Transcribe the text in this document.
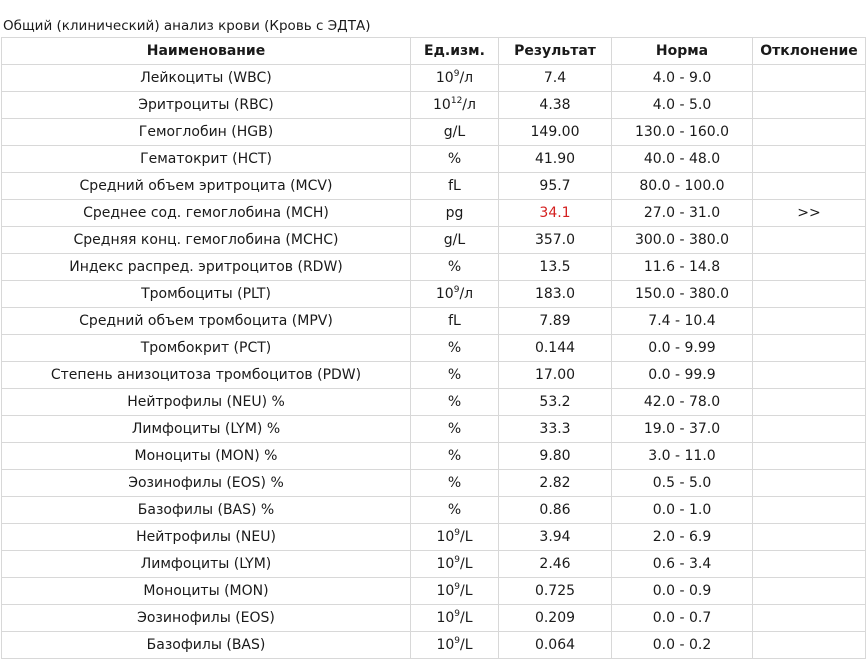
Общий (клинический) анализ крови (Кровь с ЭДТА)
Наименование	Ед.изм.	Результат	Норма	Отклонение
Лейкоциты (WBC)	$10^9/л$	7.4	4.0 - 9.0	
Эритроциты (RBC)	$10^{12}/л$	4.38	4.0 - 5.0	
Гемоглобин (HGB)	g/L	149.00	130.0 - 160.0	
Гематокрит (HCT)	%	41.90	40.0 - 48.0	
Средний объем эритроцита (MCV)	fL	95.7	80.0 - 100.0	
Среднее сод. гемоглобина (MCH)	pg	34.1	27.0 - 31.0	>>
Средняя конц. гемоглобина (MCHC)	g/L	357.0	300.0 - 380.0	
Индекс распред. эритроцитов (RDW)	%	13.5	11.6 - 14.8	
Тромбоциты (PLT)	$10^9/л$	183.0	150.0 - 380.0	
Средний объем тромбоцита (MPV)	fL	7.89	7.4 - 10.4	
Тромбокрит (PCT)	%	0.144	0.0 - 9.99	
Степень анизоцитоза тромбоцитов (PDW)	%	17.00	0.0 - 99.9	
Нейтрофилы (NEU) %	%	53.2	42.0 - 78.0	
Лимфоциты (LYM) %	%	33.3	19.0 - 37.0	
Моноциты (MON) %	%	9.80	3.0 - 11.0	
Эозинофилы (EOS) %	%	2.82	0.5 - 5.0	
Базофилы (BAS) %	%	0.86	0.0 - 1.0	
Нейтрофилы (NEU)	$10^9/L$	3.94	2.0 - 6.9	
Лимфоциты (LYM)	$10^9/L$	2.46	0.6 - 3.4	
Моноциты (MON)	$10^9/L$	0.725	0.0 - 0.9	
Эозинофилы (EOS)	$10^9/L$	0.209	0.0 - 0.7	
Базофилы (BAS)	$10^9/L$	0.064	0.0 - 0.2	
